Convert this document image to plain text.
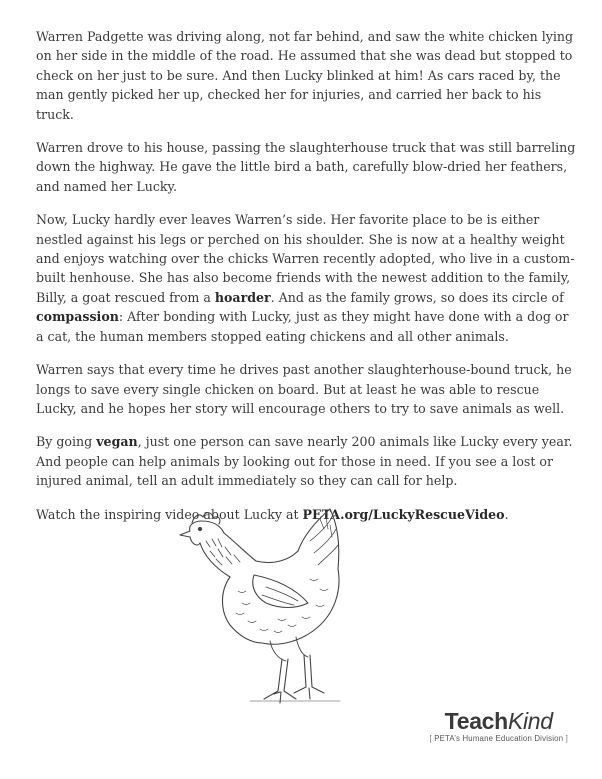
Warren Padgette was driving along, not far behind, and saw the white chicken lying on her side in the middle of the road. He assumed that she was dead but stopped to check on her just to be sure. And then Lucky blinked at him! As cars raced by, the man gently picked her up, checked her for injuries, and carried her back to his truck.

Warren drove to his house, passing the slaughterhouse truck that was still barreling down the highway. He gave the little bird a bath, carefully blow-dried her feathers, and named her Lucky.

Now, Lucky hardly ever leaves Warren’s side. Her favorite place to be is either nestled against his legs or perched on his shoulder. She is now at a healthy weight and enjoys watching over the chicks Warren recently adopted, who live in a custom-built henhouse. She has also become friends with the newest addition to the family, Billy, a goat rescued from a hoarder. And as the family grows, so does its circle of compassion: After bonding with Lucky, just as they might have done with a dog or a cat, the human members stopped eating chickens and all other animals.

Warren says that every time he drives past another slaughterhouse-bound truck, he longs to save every single chicken on board. But at least he was able to rescue Lucky, and he hopes her story will encourage others to try to save animals as well.

By going vegan, just one person can save nearly 200 animals like Lucky every year. And people can help animals by looking out for those in need. If you see a lost or injured animal, tell an adult immediately so they can call for help.

Watch the inspiring video about Lucky at PETA.org/LuckyRescueVideo.

TeachKind
[ PETA’s Humane Education Division ]
